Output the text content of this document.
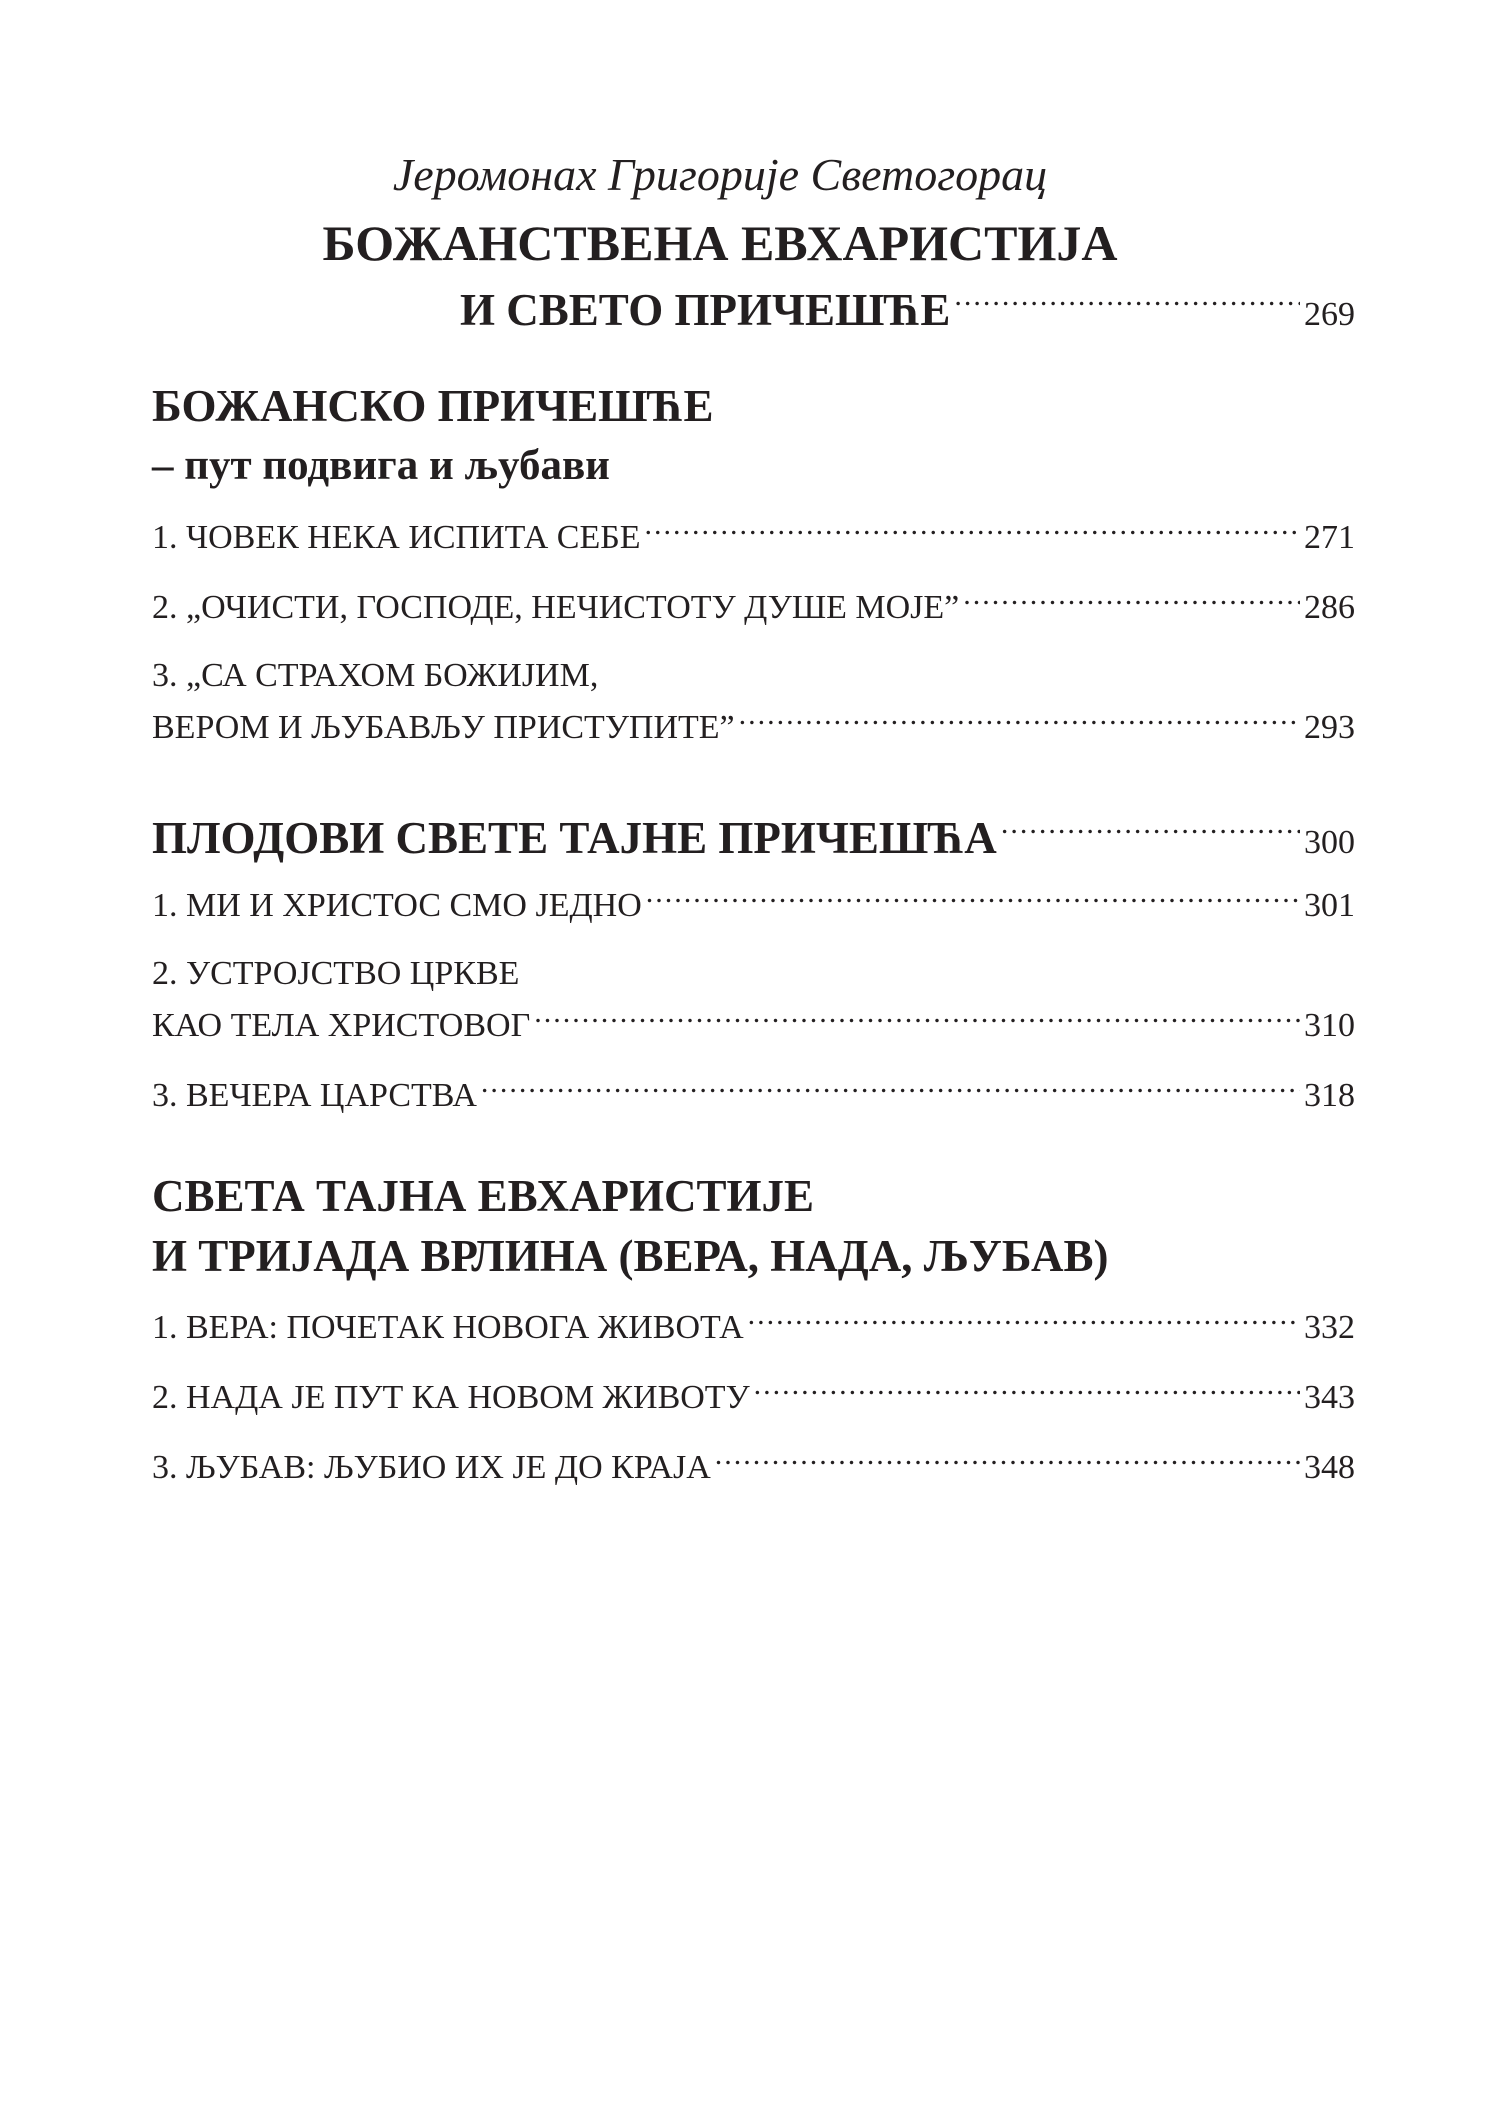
Јеромонах Григорије Светогорац
БОЖАНСТВЕНА ЕВХАРИСТИЈА
И СВЕТО ПРИЧЕШЋЕ .....	269
БОЖАНСКО ПРИЧЕШЋЕ
– пут подвига и љубави
1. ЧОВЕК НЕКА ИСПИТА СЕБЕ .....	271
2. „ОЧИСТИ, ГОСПОДЕ, НЕЧИСТОТУ ДУШЕ МОЈЕ” .....	286
3. „СА СТРАХОМ БОЖИЈИМ,
ВЕРОМ И ЉУБАВЉУ ПРИСТУПИТЕ” .....	293
ПЛОДОВИ СВЕТЕ ТАЈНЕ ПРИЧЕШЋА .....	300
1. МИ И ХРИСТОС СМО ЈЕДНО .....	301
2. УСТРОЈСТВО ЦРКВЕ
КАО ТЕЛА ХРИСТОВОГ .....	310
3. ВЕЧЕРА ЦАРСТВА .....	318
СВЕТА ТАЈНА ЕВХАРИСТИЈЕ
И ТРИЈАДА ВРЛИНА (ВЕРА, НАДА, ЉУБАВ)
1. ВЕРА: ПОЧЕТАК НОВОГА ЖИВОТА .....	332
2. НАДА ЈЕ ПУТ КА НОВОМ ЖИВОТУ .....	343
3. ЉУБАВ: ЉУБИО ИХ ЈЕ ДО КРАЈА .....	348
